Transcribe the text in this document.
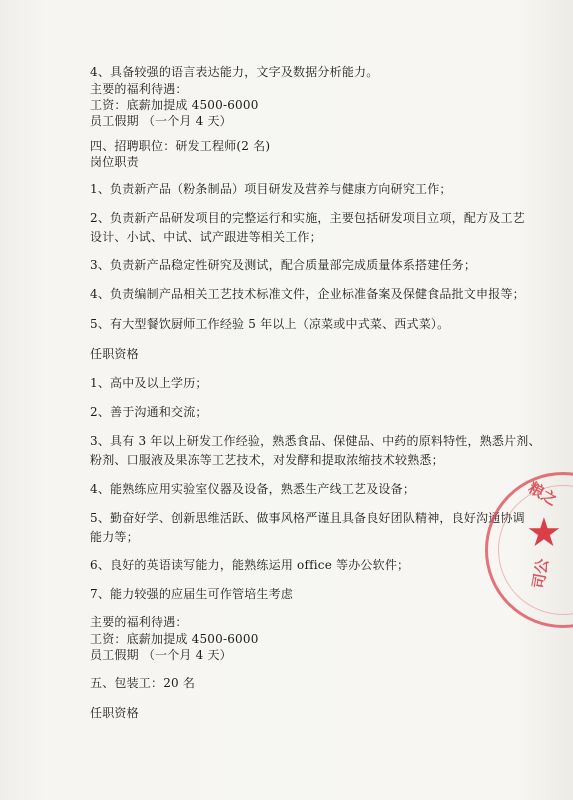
4、具备较强的语言表达能力，文字及数据分析能力。
主要的福利待遇：
工资：底薪加提成 4500-6000
员工假期 （一个月 4 天）
四、招聘职位：研发工程师(2 名)
岗位职责
1、负责新产品（粉条制品）项目研发及营养与健康方向研究工作；
2、负责新产品研发项目的完整运行和实施，主要包括研发项目立项，配方及工艺
设计、小试、中试、试产跟进等相关工作；
3、负责新产品稳定性研究及测试，配合质量部完成质量体系搭建任务；
4、负责编制产品相关工艺技术标准文件，企业标准备案及保健食品批文申报等；
5、有大型餐饮厨师工作经验 5 年以上（凉菜或中式菜、西式菜）。
任职资格
1、高中及以上学历；
2、善于沟通和交流；
3、具有 3 年以上研发工作经验，熟悉食品、保健品、中药的原料特性，熟悉片剂、
粉剂、口服液及果冻等工艺技术，对发酵和提取浓缩技术较熟悉；
4、能熟练应用实验室仪器及设备，熟悉生产线工艺及设备；
5、勤奋好学、创新思维活跃、做事风格严谨且具备良好团队精神，良好沟通协调
能力等；
6、良好的英语读写能力，能熟练运用 office 等办公软件；
7、能力较强的应届生可作管培生考虑
主要的福利待遇：
工资：底薪加提成 4500-6000
员工假期 （一个月 4 天）
五、包装工：20 名
任职资格
粮之
★
司公
